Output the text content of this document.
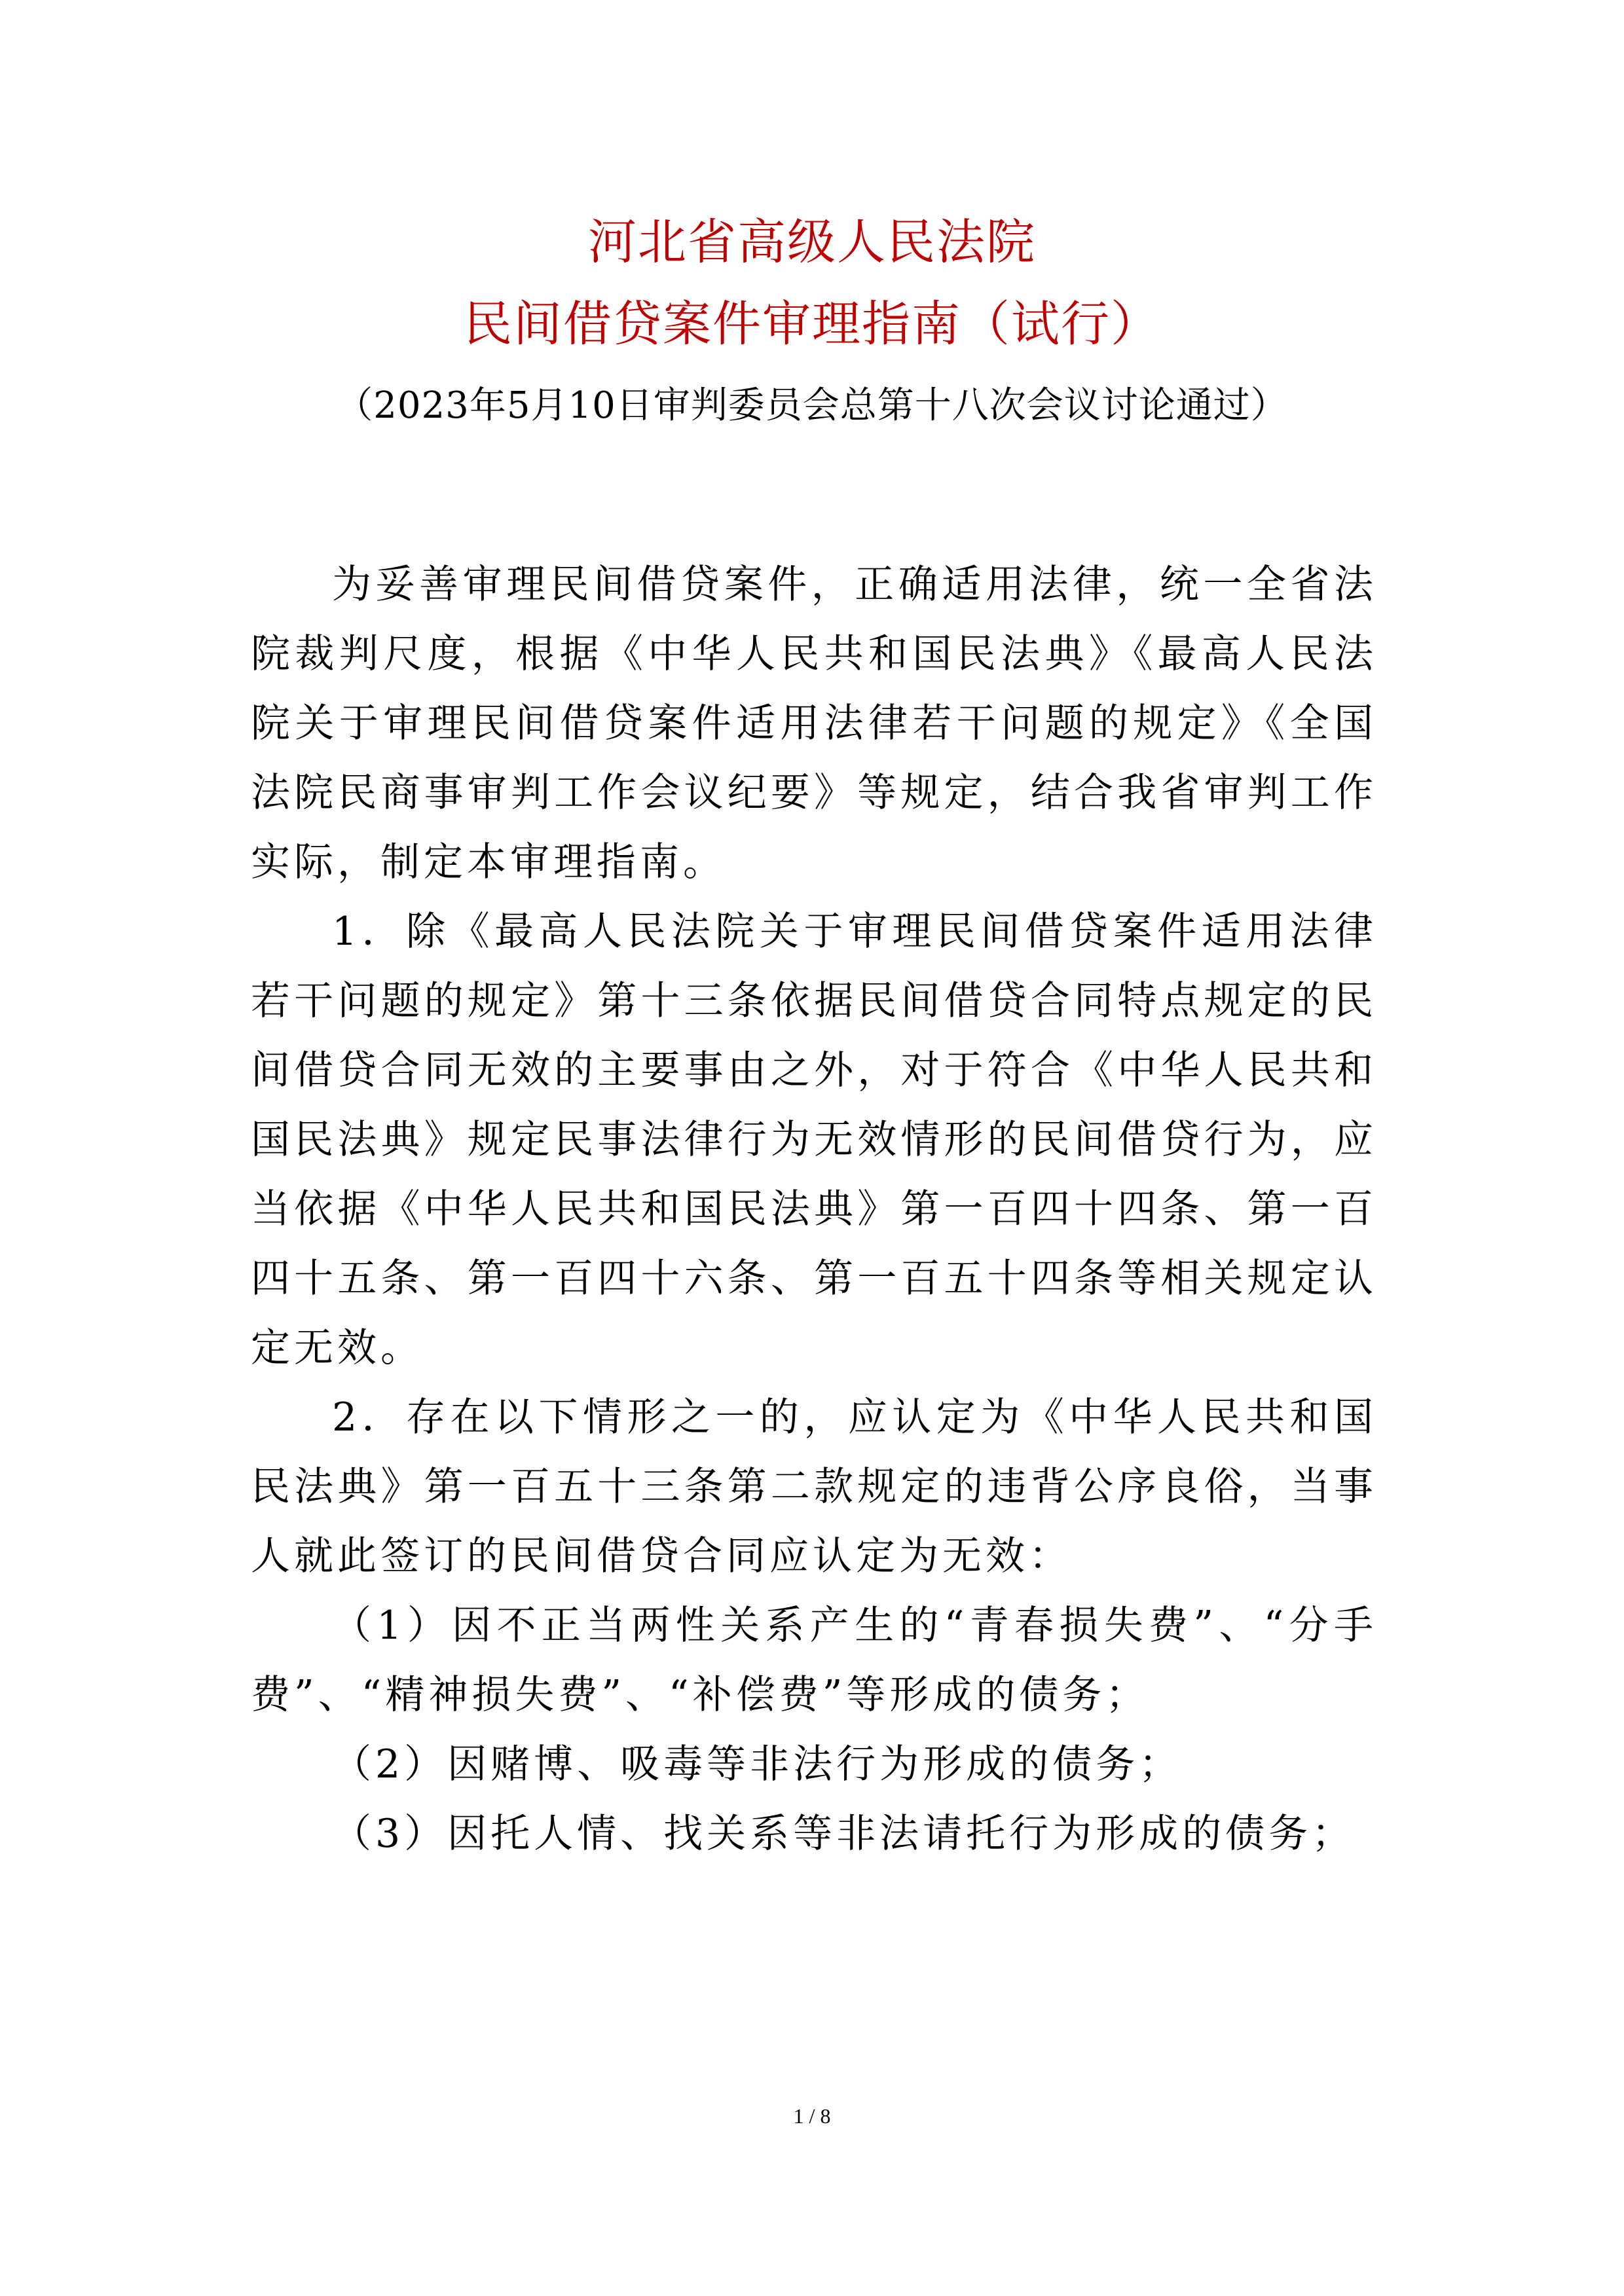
河北省高级人民法院
民间借贷案件审理指南（试行）
（2023年5月10日审判委员会总第十八次会议讨论通过）

为妥善审理民间借贷案件，正确适用法律，统一全省法院裁判尺度，根据《中华人民共和国民法典》《最高人民法院关于审理民间借贷案件适用法律若干问题的规定》《全国法院民商事审判工作会议纪要》等规定，结合我省审判工作实际，制定本审理指南。

1．除《最高人民法院关于审理民间借贷案件适用法律若干问题的规定》第十三条依据民间借贷合同特点规定的民间借贷合同无效的主要事由之外，对于符合《中华人民共和国民法典》规定民事法律行为无效情形的民间借贷行为，应当依据《中华人民共和国民法典》第一百四十四条、第一百四十五条、第一百四十六条、第一百五十四条等相关规定认定无效。

2．存在以下情形之一的，应认定为《中华人民共和国民法典》第一百五十三条第二款规定的违背公序良俗，当事人就此签订的民间借贷合同应认定为无效：

（1）因不正当两性关系产生的“青春损失费”、“分手费”、“精神损失费”、“补偿费”等形成的债务；

（2）因赌博、吸毒等非法行为形成的债务；

（3）因托人情、找关系等非法请托行为形成的债务；

1 / 8
